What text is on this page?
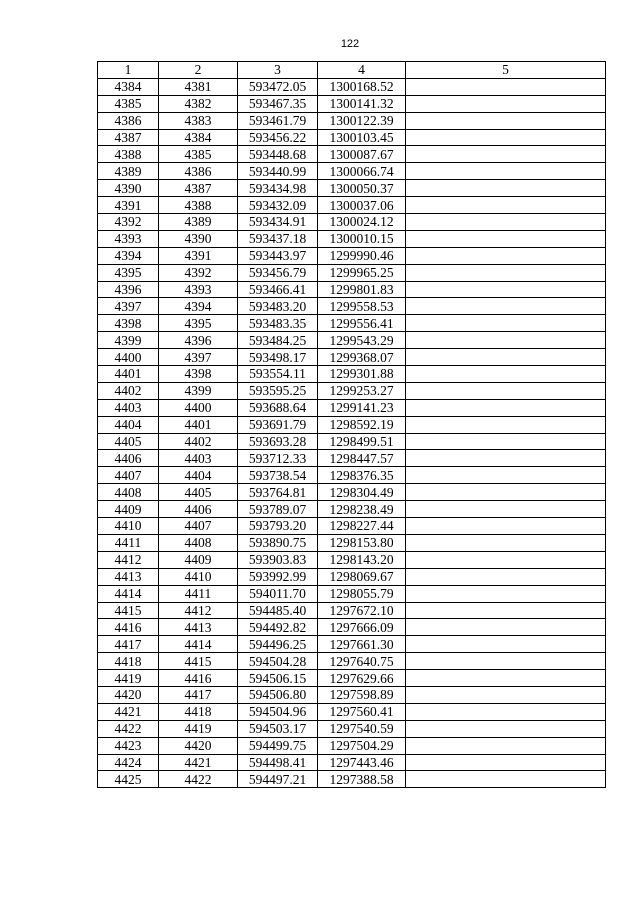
122
1	2	3	4	5
4384	4381	593472.05	1300168.52	
4385	4382	593467.35	1300141.32	
4386	4383	593461.79	1300122.39	
4387	4384	593456.22	1300103.45	
4388	4385	593448.68	1300087.67	
4389	4386	593440.99	1300066.74	
4390	4387	593434.98	1300050.37	
4391	4388	593432.09	1300037.06	
4392	4389	593434.91	1300024.12	
4393	4390	593437.18	1300010.15	
4394	4391	593443.97	1299990.46	
4395	4392	593456.79	1299965.25	
4396	4393	593466.41	1299801.83	
4397	4394	593483.20	1299558.53	
4398	4395	593483.35	1299556.41	
4399	4396	593484.25	1299543.29	
4400	4397	593498.17	1299368.07	
4401	4398	593554.11	1299301.88	
4402	4399	593595.25	1299253.27	
4403	4400	593688.64	1299141.23	
4404	4401	593691.79	1298592.19	
4405	4402	593693.28	1298499.51	
4406	4403	593712.33	1298447.57	
4407	4404	593738.54	1298376.35	
4408	4405	593764.81	1298304.49	
4409	4406	593789.07	1298238.49	
4410	4407	593793.20	1298227.44	
4411	4408	593890.75	1298153.80	
4412	4409	593903.83	1298143.20	
4413	4410	593992.99	1298069.67	
4414	4411	594011.70	1298055.79	
4415	4412	594485.40	1297672.10	
4416	4413	594492.82	1297666.09	
4417	4414	594496.25	1297661.30	
4418	4415	594504.28	1297640.75	
4419	4416	594506.15	1297629.66	
4420	4417	594506.80	1297598.89	
4421	4418	594504.96	1297560.41	
4422	4419	594503.17	1297540.59	
4423	4420	594499.75	1297504.29	
4424	4421	594498.41	1297443.46	
4425	4422	594497.21	1297388.58	
